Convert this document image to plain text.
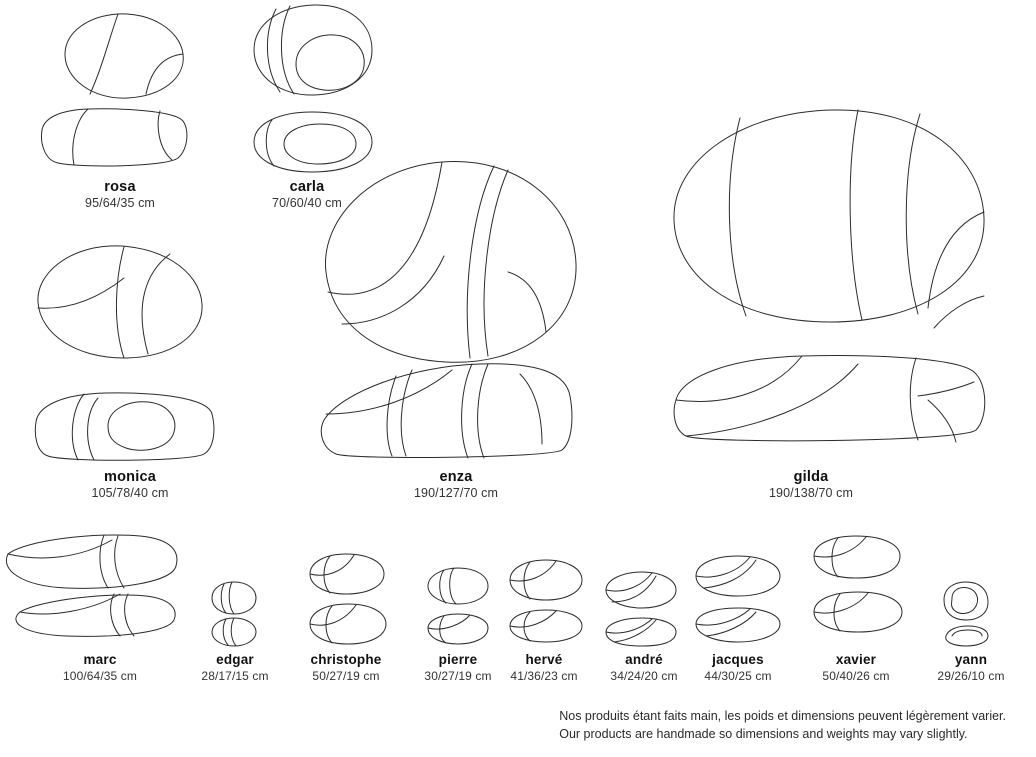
rosa
95/64/35 cm
carla
70/60/40 cm
monica
105/78/40 cm
enza
190/127/70 cm
gilda
190/138/70 cm
marc
100/64/35 cm
edgar
28/17/15 cm
christophe
50/27/19 cm
pierre
30/27/19 cm
hervé
41/36/23 cm
andré
34/24/20 cm
jacques
44/30/25 cm
xavier
50/40/26 cm
yann
29/26/10 cm
Nos produits étant faits main, les poids et dimensions peuvent légèrement varier.
Our products are handmade so dimensions and weights may vary slightly.
